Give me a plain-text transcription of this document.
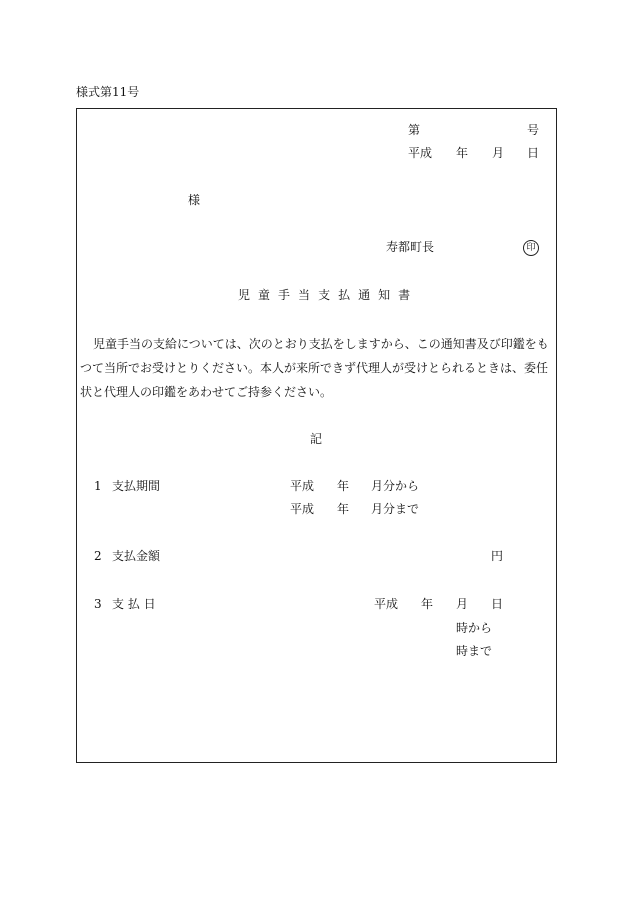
様式第11号
第	号
平成 年 月 日
様
寿都町長	印
児 童 手 当 支 払 通 知 書
児童手当の支給については、次のとおり支払をしますから、この通知書及び印鑑をも
つて当所でお受けとりください。本人が来所できず代理人が受けとられるときは、委任
状と代理人の印鑑をあわせてご持参ください。
記
1 支払期間	平成 年 月分から
平成 年 月分まで
2 支払金額	円
3 支 払 日	平成 年 月 日
時から
時まで
